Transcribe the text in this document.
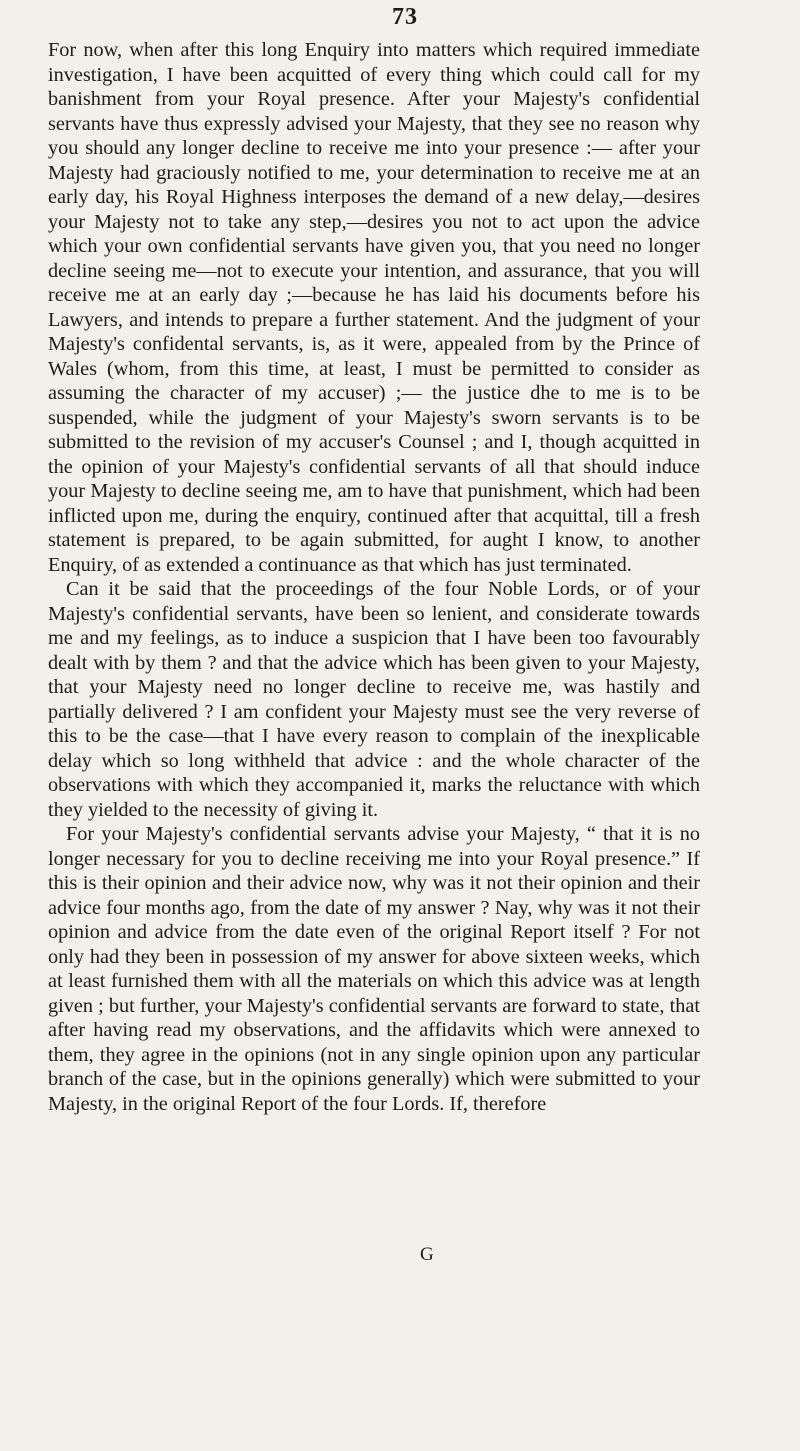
73

For now, when after this long Enquiry into matters which required immediate investigation, I have been acquitted of every thing which could call for my banishment from your Royal presence. After your Majesty's confidential servants have thus expressly advised your Majesty, that they see no reason why you should any longer decline to receive me into your presence :— after your Majesty had graciously notified to me, your determination to receive me at an early day, his Royal Highness interposes the demand of a new delay,—desires your Majesty not to take any step,—desires you not to act upon the advice which your own confidential servants have given you, that you need no longer decline seeing me—not to execute your intention, and assurance, that you will receive me at an early day ;—because he has laid his documents before his Lawyers, and intends to prepare a further statement. And the judgment of your Majesty's confidental servants, is, as it were, appealed from by the Prince of Wales (whom, from this time, at least, I must be permitted to consider as assuming the character of my accuser) ;— the justice dhe to me is to be suspended, while the judgment of your Majesty's sworn servants is to be submitted to the revision of my accuser's Counsel ; and I, though acquitted in the opinion of your Majesty's confidential servants of all that should induce your Majesty to decline seeing me, am to have that punishment, which had been inflicted upon me, during the enquiry, continued after that acquittal, till a fresh statement is prepared, to be again submitted, for aught I know, to another Enquiry, of as extended a continuance as that which has just terminated.

Can it be said that the proceedings of the four Noble Lords, or of your Majesty's confidential servants, have been so lenient, and considerate towards me and my feelings, as to induce a suspicion that I have been too favourably dealt with by them ? and that the advice which has been given to your Majesty, that your Majesty need no longer decline to receive me, was hastily and partially delivered ? I am confident your Majesty must see the very reverse of this to be the case—that I have every reason to complain of the inexplicable delay which so long withheld that advice : and the whole character of the observations with which they accompanied it, marks the reluctance with which they yielded to the necessity of giving it.

For your Majesty's confidential servants advise your Majesty, “ that it is no longer necessary for you to decline receiving me into your Royal presence.” If this is their opinion and their advice now, why was it not their opinion and their advice four months ago, from the date of my answer ? Nay, why was it not their opinion and advice from the date even of the original Report itself ? For not only had they been in possession of my answer for above sixteen weeks, which at least furnished them with all the materials on which this advice was at length given ; but further, your Majesty's confidential servants are forward to state, that after having read my observations, and the affidavits which were annexed to them, they agree in the opinions (not in any single opinion upon any particular branch of the case, but in the opinions generally) which were submitted to your Majesty, in the original Report of the four Lords. If, therefore

G
